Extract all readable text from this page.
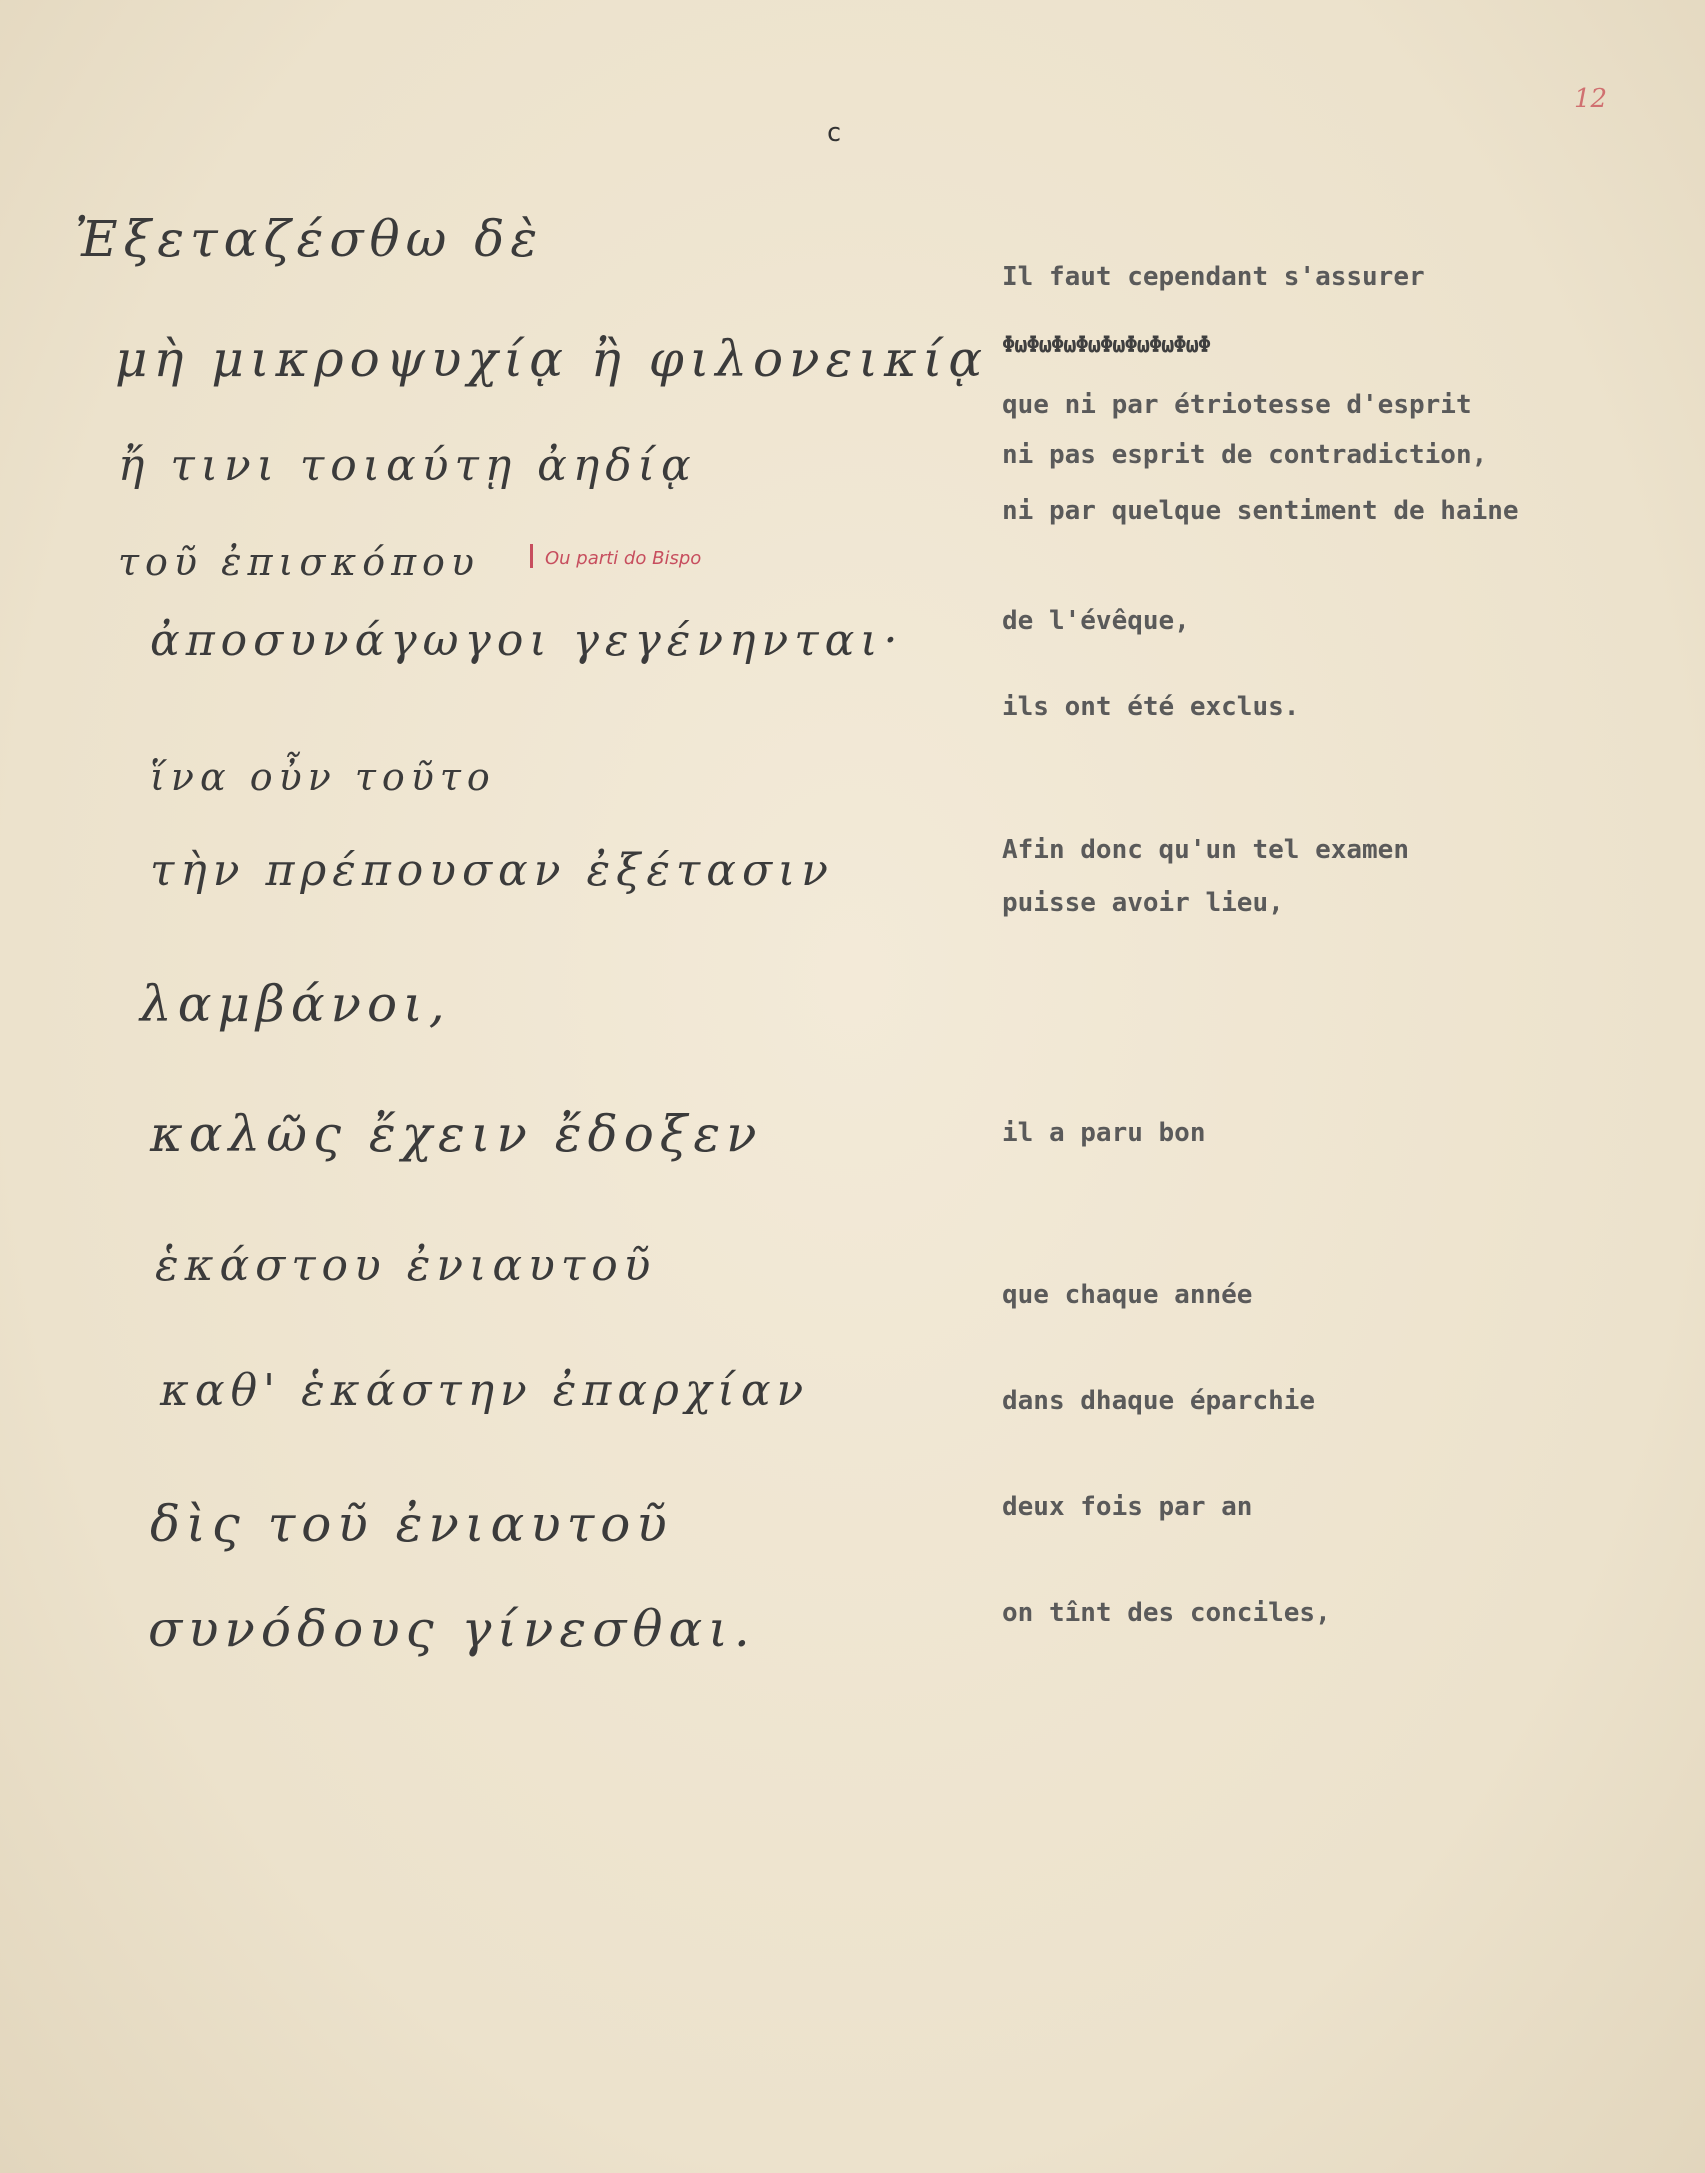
c
12
Ἐξεταζέσθω δὲ
μὴ μικροψυχίᾳ ἢ φιλονεικίᾳ
ἤ τινι τοιαύτῃ ἀηδίᾳ
τοῦ ἐπισκόπου	Ou parti do Bispo
ἀποσυνάγωγοι γεγένηνται·
ἵνα οὖν τοῦτο
τὴν πρέπουσαν ἐξέτασιν
λαμβάνοι,
καλῶς ἔχειν ἔδοξεν
ἑκάστου ἐνιαυτοῦ
καθ' ἑκάστην ἐπαρχίαν
δὶς τοῦ ἐνιαυτοῦ
συνόδους γίνεσθαι.
Il faut cependant s'assurer
ΦωΦωΦωΦωΦωΦωΦωΦωΦ
que ni par étriotesse d'esprit
ni pas esprit de contradiction,
ni par quelque sentiment de haine
de l'évêque,
ils ont été exclus.
Afin donc qu'un tel examen
puisse avoir lieu,
il a paru bon
que chaque année
dans dhaque éparchie
deux fois par an
on tînt des conciles,
